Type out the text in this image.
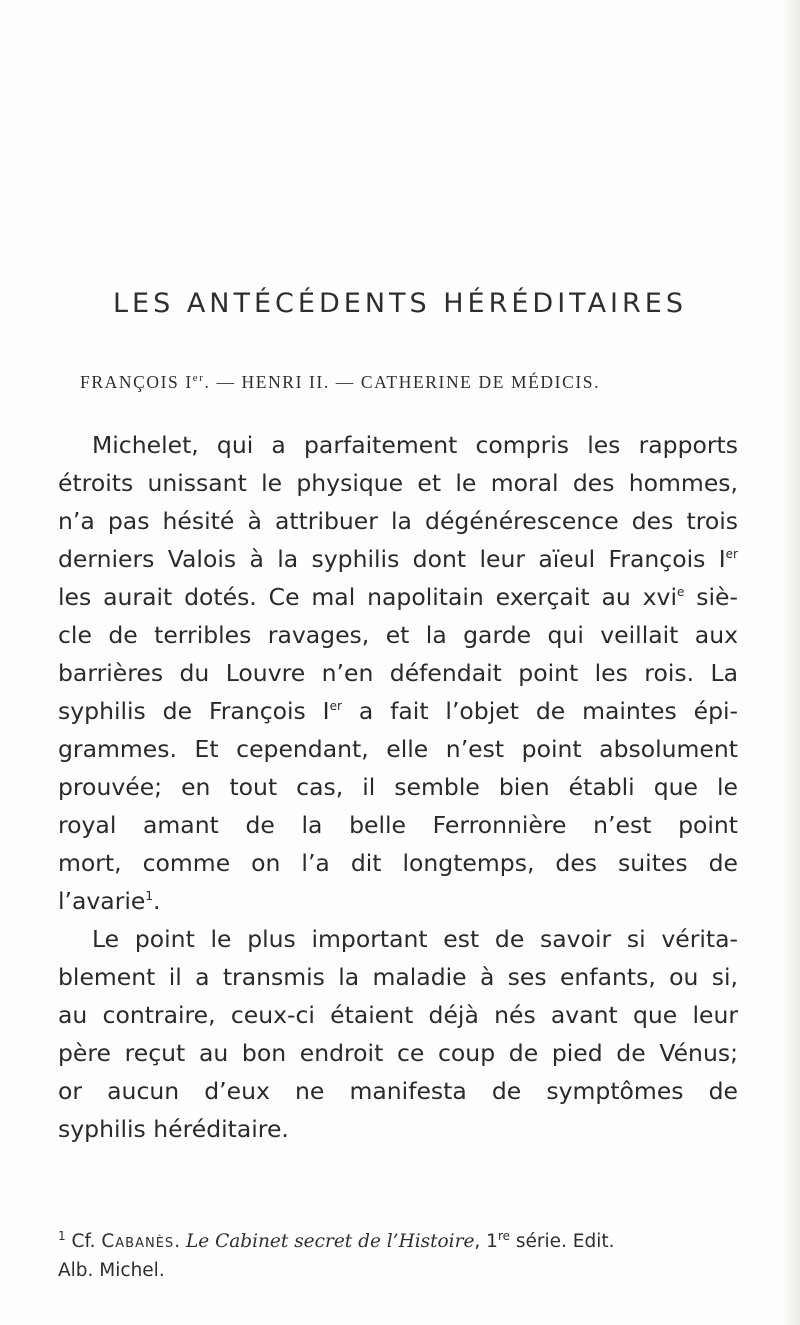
LES ANTÉCÉDENTS HÉRÉDITAIRES
FRANÇOIS Ier. — HENRI II. — CATHERINE DE MÉDICIS.
Michelet, qui a parfaitement compris les rapports
étroits unissant le physique et le moral des hommes,
n’a pas hésité à attribuer la dégénérescence des trois
derniers Valois à la syphilis dont leur aïeul François Ier
les aurait dotés. Ce mal napolitain exerçait au xvi$^e$ siè-
cle de terribles ravages, et la garde qui veillait aux
barrières du Louvre n’en défendait point les rois. La
syphilis de François Ier a fait l’objet de maintes épi-
grammes. Et cependant, elle n’est point absolument
prouvée; en tout cas, il semble bien établi que le
royal amant de la belle Ferronnière n’est point
mort, comme on l’a dit longtemps, des suites de
l’avarie$^1$.
Le point le plus important est de savoir si vérita-
blement il a transmis la maladie à ses enfants, ou si,
au contraire, ceux-ci étaient déjà nés avant que leur
père reçut au bon endroit ce coup de pied de Vénus;
or aucun d’eux ne manifesta de symptômes de
syphilis héréditaire.
$^1$ Cf. Cabanès. Le Cabinet secret de l’Histoire, 1re série. Edit.
Alb. Michel.
